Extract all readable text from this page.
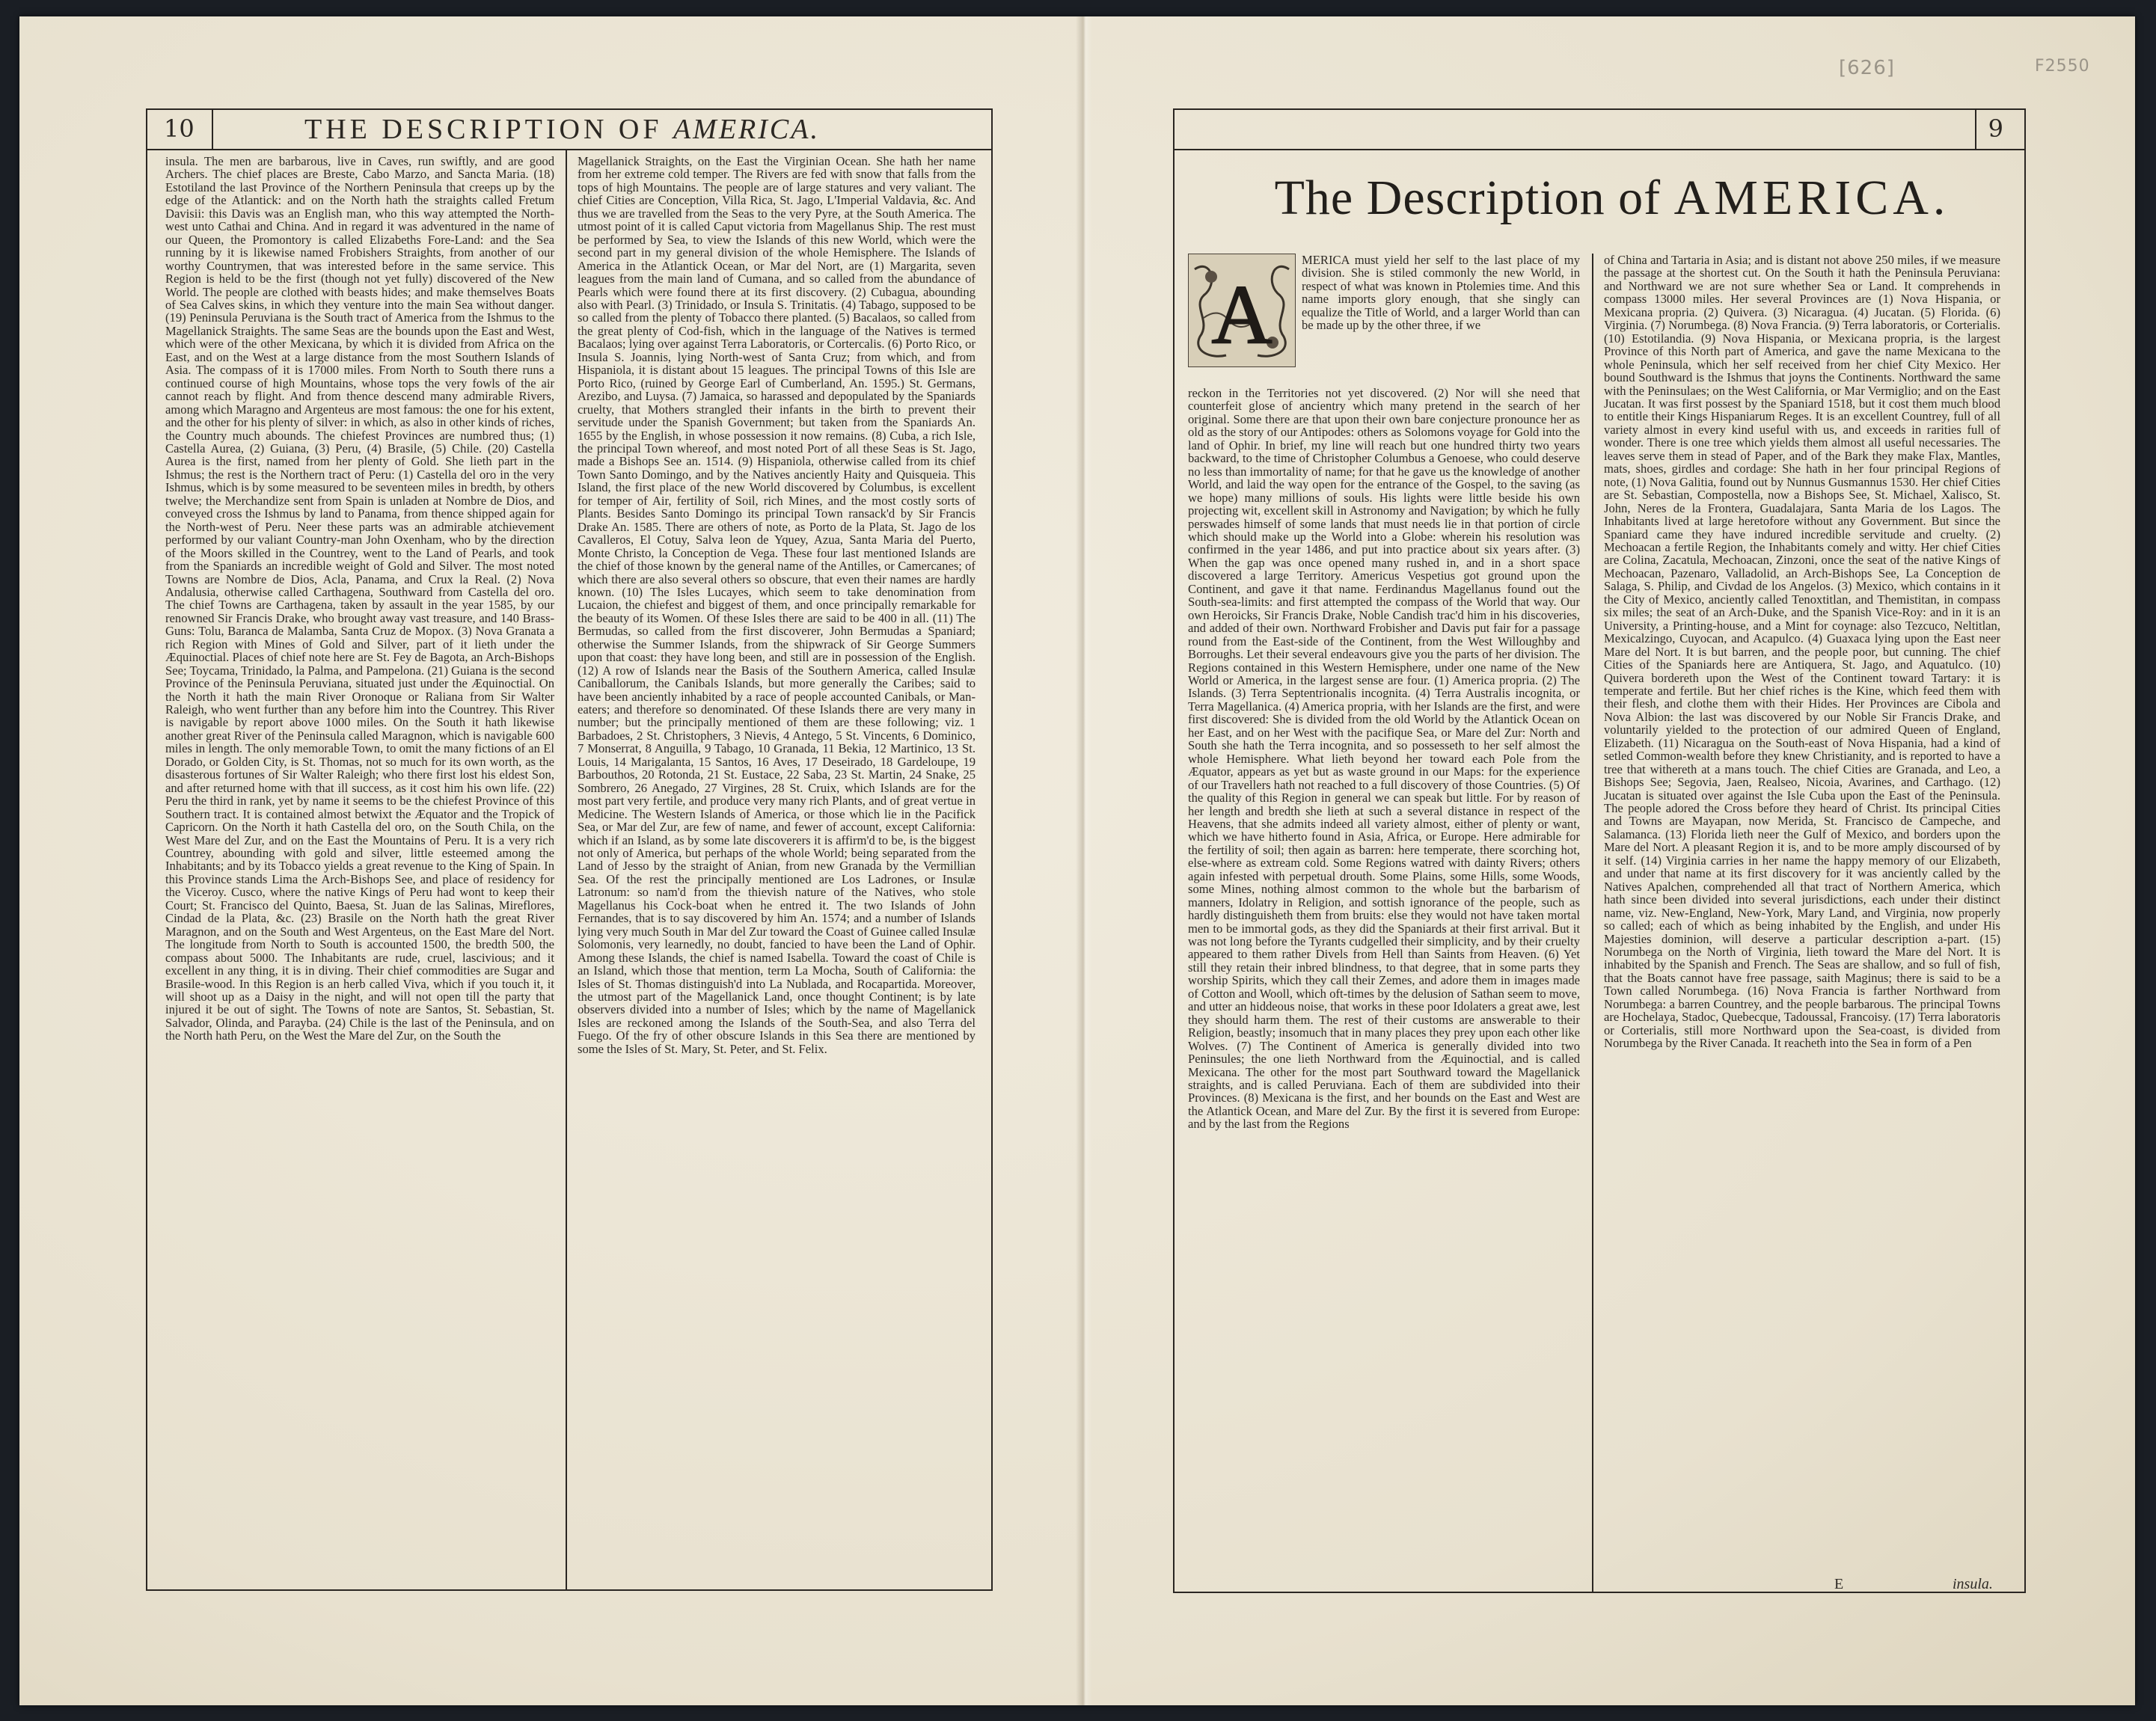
[626]	F2550
10	THE DESCRIPTION OF AMERICA.

insula. The men are barbarous, live in Caves, run swiftly, and are good Archers. The chief places are Breste, Cabo Marzo, and Sancta Maria. (18) Estotiland the last Province of the Northern Peninsula that creeps up by the edge of the Atlantick: and on the North hath the straights called Fretum Davisii: this Davis was an English man, who this way attempted the North-west unto Cathai and China. And in regard it was adventured in the name of our Queen, the Promontory is called Elizabeths Fore-Land: and the Sea running by it is likewise named Frobishers Straights, from another of our worthy Countrymen, that was interested before in the same service. This Region is held to be the first (though not yet fully) discovered of the New World. The people are clothed with beasts hides; and make themselves Boats of Sea Calves skins, in which they venture into the main Sea without danger. (19) Peninsula Peruviana is the South tract of America from the Ishmus to the Magellanick Straights. The same Seas are the bounds upon the East and West, which were of the other Mexicana, by which it is divided from Africa on the East, and on the West at a large distance from the most Southern Islands of Asia. The compass of it is 17000 miles. From North to South there runs a continued course of high Mountains, whose tops the very fowls of the air cannot reach by flight. And from thence descend many admirable Rivers, among which Maragno and Argenteus are most famous: the one for his extent, and the other for his plenty of silver: in which, as also in other kinds of riches, the Country much abounds. The chiefest Provinces are numbred thus; (1) Castella Aurea, (2) Guiana, (3) Peru, (4) Brasile, (5) Chile. (20) Castella Aurea is the first, named from her plenty of Gold. She lieth part in the Ishmus; the rest is the Northern tract of Peru: (1) Castella del oro in the very Ishmus, which is by some measured to be seventeen miles in bredth, by others twelve; the Merchandize sent from Spain is unladen at Nombre de Dios, and conveyed cross the Ishmus by land to Panama, from thence shipped again for the North-west of Peru. Neer these parts was an admirable atchievement performed by our valiant Country-man John Oxenham, who by the direction of the Moors skilled in the Countrey, went to the Land of Pearls, and took from the Spaniards an incredible weight of Gold and Silver. The most noted Towns are Nombre de Dios, Acla, Panama, and Crux la Real. (2) Nova Andalusia, otherwise called Carthagena, Southward from Castella del oro. The chief Towns are Carthagena, taken by assault in the year 1585, by our renowned Sir Francis Drake, who brought away vast treasure, and 140 Brass-Guns: Tolu, Baranca de Malamba, Santa Cruz de Mopox. (3) Nova Granata a rich Region with Mines of Gold and Silver, part of it lieth under the Æquinoctial. Places of chief note here are St. Fey de Bagota, an Arch-Bishops See; Toycama, Trinidado, la Palma, and Pampelona. (21) Guiana is the second Province of the Peninsula Peruviana, situated just under the Æquinoctial. On the North it hath the main River Oronoque or Raliana from Sir Walter Raleigh, who went further than any before him into the Countrey. This River is navigable by report above 1000 miles. On the South it hath likewise another great River of the Peninsula called Maragnon, which is navigable 600 miles in length. The only memorable Town, to omit the many fictions of an El Dorado, or Golden City, is St. Thomas, not so much for its own worth, as the disasterous fortunes of Sir Walter Raleigh; who there first lost his eldest Son, and after returned home with that ill success, as it cost him his own life. (22) Peru the third in rank, yet by name it seems to be the chiefest Province of this Southern tract. It is contained almost betwixt the Æquator and the Tropick of Capricorn. On the North it hath Castella del oro, on the South Chila, on the West Mare del Zur, and on the East the Mountains of Peru. It is a very rich Countrey, abounding with gold and silver, little esteemed among the Inhabitants; and by its Tobacco yields a great revenue to the King of Spain. In this Province stands Lima the Arch-Bishops See, and place of residency for the Viceroy. Cusco, where the native Kings of Peru had wont to keep their Court; St. Francisco del Quinto, Baesa, St. Juan de las Salinas, Mireflores, Cindad de la Plata, &c. (23) Brasile on the North hath the great River Maragnon, and on the South and West Argenteus, on the East Mare del Nort. The longitude from North to South is accounted 1500, the bredth 500, the compass about 5000. The Inhabitants are rude, cruel, lascivious; and it excellent in any thing, it is in diving. Their chief commodities are Sugar and Brasile-wood. In this Region is an herb called Viva, which if you touch it, it will shoot up as a Daisy in the night, and will not open till the party that injured it be out of sight. The Towns of note are Santos, St. Sebastian, St. Salvador, Olinda, and Parayba. (24) Chile is the last of the Peninsula, and on the North hath Peru, on the West the Mare del Zur, on the South the

Magellanick Straights, on the East the Virginian Ocean. She hath her name from her extreme cold temper. The Rivers are fed with snow that falls from the tops of high Mountains. The people are of large statures and very valiant. The chief Cities are Conception, Villa Rica, St. Jago, L'Imperial Valdavia, &c. And thus we are travelled from the Seas to the very Pyre, at the South America. The utmost point of it is called Caput victoria from Magellanus Ship. The rest must be performed by Sea, to view the Islands of this new World, which were the second part in my general division of the whole Hemisphere. The Islands of America in the Atlantick Ocean, or Mar del Nort, are (1) Margarita, seven leagues from the main land of Cumana, and so called from the abundance of Pearls which were found there at its first discovery. (2) Cubagua, abounding also with Pearl. (3) Trinidado, or Insula S. Trinitatis. (4) Tabago, supposed to be so called from the plenty of Tobacco there planted. (5) Bacalaos, so called from the great plenty of Cod-fish, which in the language of the Natives is termed Bacalaos; lying over against Terra Laboratoris, or Cortercalis. (6) Porto Rico, or Insula S. Joannis, lying North-west of Santa Cruz; from which, and from Hispaniola, it is distant about 15 leagues. The principal Towns of this Isle are Porto Rico, (ruined by George Earl of Cumberland, An. 1595.) St. Germans, Arezibo, and Luysa. (7) Jamaica, so harassed and depopulated by the Spaniards cruelty, that Mothers strangled their infants in the birth to prevent their servitude under the Spanish Government; but taken from the Spaniards An. 1655 by the English, in whose possession it now remains. (8) Cuba, a rich Isle, the principal Town whereof, and most noted Port of all these Seas is St. Jago, made a Bishops See an. 1514. (9) Hispaniola, otherwise called from its chief Town Santo Domingo, and by the Natives anciently Haity and Quisqueia. This Island, the first place of the new World discovered by Columbus, is excellent for temper of Air, fertility of Soil, rich Mines, and the most costly sorts of Plants. Besides Santo Domingo its principal Town ransack'd by Sir Francis Drake An. 1585. There are others of note, as Porto de la Plata, St. Jago de los Cavalleros, El Cotuy, Salva leon de Yquey, Azua, Santa Maria del Puerto, Monte Christo, la Conception de Vega. These four last mentioned Islands are the chief of those known by the general name of the Antilles, or Camercanes; of which there are also several others so obscure, that even their names are hardly known. (10) The Isles Lucayes, which seem to take denomination from Lucaion, the chiefest and biggest of them, and once principally remarkable for the beauty of its Women. Of these Isles there are said to be 400 in all. (11) The Bermudas, so called from the first discoverer, John Bermudas a Spaniard; otherwise the Summer Islands, from the shipwrack of Sir George Summers upon that coast: they have long been, and still are in possession of the English. (12) A row of Islands near the Basis of the Southern America, called Insulæ Caniballorum, the Canibals Islands, but more generally the Caribes; said to have been anciently inhabited by a race of people accounted Canibals, or Man-eaters; and therefore so denominated. Of these Islands there are very many in number; but the principally mentioned of them are these following; viz. 1 Barbadoes, 2 St. Christophers, 3 Nievis, 4 Antego, 5 St. Vincents, 6 Dominico, 7 Monserrat, 8 Anguilla, 9 Tabago, 10 Granada, 11 Bekia, 12 Martinico, 13 St. Louis, 14 Marigalanta, 15 Santos, 16 Aves, 17 Deseirado, 18 Gardeloupe, 19 Barbouthos, 20 Rotonda, 21 St. Eustace, 22 Saba, 23 St. Martin, 24 Snake, 25 Sombrero, 26 Anegado, 27 Virgines, 28 St. Cruix, which Islands are for the most part very fertile, and produce very many rich Plants, and of great vertue in Medicine. The Western Islands of America, or those which lie in the Pacifick Sea, or Mar del Zur, are few of name, and fewer of account, except California: which if an Island, as by some late discoverers it is affirm'd to be, is the biggest not only of America, but perhaps of the whole World; being separated from the Land of Jesso by the straight of Anian, from new Granada by the Vermillian Sea. Of the rest the principally mentioned are Los Ladrones, or Insulæ Latronum: so nam'd from the thievish nature of the Natives, who stole Magellanus his Cock-boat when he entred it. The two Islands of John Fernandes, that is to say discovered by him An. 1574; and a number of Islands lying very much South in Mar del Zur toward the Coast of Guinee called Insulæ Solomonis, very learnedly, no doubt, fancied to have been the Land of Ophir. Among these Islands, the chief is named Isabella. Toward the coast of Chile is an Island, which those that mention, term La Mocha, South of California: the Isles of St. Thomas distinguish'd into La Nublada, and Rocapartida. Moreover, the utmost part of the Magellanick Land, once thought Continent; is by late observers divided into a number of Isles; which by the name of Magellanick Isles are reckoned among the Islands of the South-Sea, and also Terra del Fuego. Of the fry of other obscure Islands in this Sea there are mentioned by some the Isles of St. Mary, St. Peter, and St. Felix.

9
The Description of AMERICA.
A

MERICA must yield her self to the last place of my division. She is stiled commonly the new World, in respect of what was known in Ptolemies time. And this name imports glory enough, that she singly can equalize the Title of World, and a larger World than can be made up by the other three, if we

reckon in the Territories not yet discovered. (2) Nor will she need that counterfeit glose of ancientry which many pretend in the search of her original. Some there are that upon their own bare conjecture pronounce her as old as the story of our Antipodes: others as Solomons voyage for Gold into the land of Ophir. In brief, my line will reach but one hundred thirty two years backward, to the time of Christopher Columbus a Genoese, who could deserve no less than immortality of name; for that he gave us the knowledge of another World, and laid the way open for the entrance of the Gospel, to the saving (as we hope) many millions of souls. His lights were little beside his own projecting wit, excellent skill in Astronomy and Navigation; by which he fully perswades himself of some lands that must needs lie in that portion of circle which should make up the World into a Globe: wherein his resolution was confirmed in the year 1486, and put into practice about six years after. (3) When the gap was once opened many rushed in, and in a short space discovered a large Territory. Americus Vespetius got ground upon the Continent, and gave it that name. Ferdinandus Magellanus found out the South-sea-limits: and first attempted the compass of the World that way. Our own Heroicks, Sir Francis Drake, Noble Candish trac'd him in his discoveries, and added of their own. Northward Frobisher and Davis put fair for a passage round from the East-side of the Continent, from the West Willoughby and Borroughs. Let their several endeavours give you the parts of her division. The Regions contained in this Western Hemisphere, under one name of the New World or America, in the largest sense are four. (1) America propria. (2) The Islands. (3) Terra Septentrionalis incognita. (4) Terra Australis incognita, or Terra Magellanica. (4) America propria, with her Islands are the first, and were first discovered: She is divided from the old World by the Atlantick Ocean on her East, and on her West with the pacifique Sea, or Mare del Zur: North and South she hath the Terra incognita, and so possesseth to her self almost the whole Hemisphere. What lieth beyond her toward each Pole from the Æquator, appears as yet but as waste ground in our Maps: for the experience of our Travellers hath not reached to a full discovery of those Countries. (5) Of the quality of this Region in general we can speak but little. For by reason of her length and bredth she lieth at such a several distance in respect of the Heavens, that she admits indeed all variety almost, either of plenty or want, which we have hitherto found in Asia, Africa, or Europe. Here admirable for the fertility of soil; then again as barren: here temperate, there scorching hot, else-where as extream cold. Some Regions watred with dainty Rivers; others again infested with perpetual drouth. Some Plains, some Hills, some Woods, some Mines, nothing almost common to the whole but the barbarism of manners, Idolatry in Religion, and sottish ignorance of the people, such as hardly distinguisheth them from bruits: else they would not have taken mortal men to be immortal gods, as they did the Spaniards at their first arrival. But it was not long before the Tyrants cudgelled their simplicity, and by their cruelty appeared to them rather Divels from Hell than Saints from Heaven. (6) Yet still they retain their inbred blindness, to that degree, that in some parts they worship Spirits, which they call their Zemes, and adore them in images made of Cotton and Wooll, which oft-times by the delusion of Sathan seem to move, and utter an hiddeous noise, that works in these poor Idolaters a great awe, lest they should harm them. The rest of their customs are answerable to their Religion, beastly; insomuch that in many places they prey upon each other like Wolves. (7) The Continent of America is generally divided into two Peninsules; the one lieth Northward from the Æquinoctial, and is called Mexicana. The other for the most part Southward toward the Magellanick straights, and is called Peruviana. Each of them are subdivided into their Provinces. (8) Mexicana is the first, and her bounds on the East and West are the Atlantick Ocean, and Mare del Zur. By the first it is severed from Europe: and by the last from the Regions

of China and Tartaria in Asia; and is distant not above 250 miles, if we measure the passage at the shortest cut. On the South it hath the Peninsula Peruviana: and Northward we are not sure whether Sea or Land. It comprehends in compass 13000 miles. Her several Provinces are (1) Nova Hispania, or Mexicana propria. (2) Quivera. (3) Nicaragua. (4) Jucatan. (5) Florida. (6) Virginia. (7) Norumbega. (8) Nova Francia. (9) Terra laboratoris, or Corterialis. (10) Estotilandia. (9) Nova Hispania, or Mexicana propria, is the largest Province of this North part of America, and gave the name Mexicana to the whole Peninsula, which her self received from her chief City Mexico. Her bound Southward is the Ishmus that joyns the Continents. Northward the same with the Peninsulaes; on the West California, or Mar Vermiglio; and on the East Jucatan. It was first possest by the Spaniard 1518, but it cost them much blood to entitle their Kings Hispaniarum Reges. It is an excellent Countrey, full of all variety almost in every kind useful with us, and exceeds in rarities full of wonder. There is one tree which yields them almost all useful necessaries. The leaves serve them in stead of Paper, and of the Bark they make Flax, Mantles, mats, shoes, girdles and cordage: She hath in her four principal Regions of note, (1) Nova Galitia, found out by Nunnus Gusmannus 1530. Her chief Cities are St. Sebastian, Compostella, now a Bishops See, St. Michael, Xalisco, St. John, Neres de la Frontera, Guadalajara, Santa Maria de los Lagos. The Inhabitants lived at large heretofore without any Government. But since the Spaniard came they have indured incredible servitude and cruelty. (2) Mechoacan a fertile Region, the Inhabitants comely and witty. Her chief Cities are Colina, Zacatula, Mechoacan, Zinzoni, once the seat of the native Kings of Mechoacan, Pazenaro, Valladolid, an Arch-Bishops See, La Conception de Salaga, S. Philip, and Civdad de los Angelos. (3) Mexico, which contains in it the City of Mexico, anciently called Tenoxtitlan, and Themistitan, in compass six miles; the seat of an Arch-Duke, and the Spanish Vice-Roy: and in it is an University, a Printing-house, and a Mint for coynage: also Tezcuco, Neltitlan, Mexicalzingo, Cuyocan, and Acapulco. (4) Guaxaca lying upon the East neer Mare del Nort. It is but barren, and the people poor, but cunning. The chief Cities of the Spaniards here are Antiquera, St. Jago, and Aquatulco. (10) Quivera bordereth upon the West of the Continent toward Tartary: it is temperate and fertile. But her chief riches is the Kine, which feed them with their flesh, and clothe them with their Hides. Her Provinces are Cibola and Nova Albion: the last was discovered by our Noble Sir Francis Drake, and voluntarily yielded to the protection of our admired Queen of England, Elizabeth. (11) Nicaragua on the South-east of Nova Hispania, had a kind of setled Common-wealth before they knew Christianity, and is reported to have a tree that withereth at a mans touch. The chief Cities are Granada, and Leo, a Bishops See; Segovia, Jaen, Realseo, Nicoia, Avarines, and Carthago. (12) Jucatan is situated over against the Isle Cuba upon the East of the Peninsula. The people adored the Cross before they heard of Christ. Its principal Cities and Towns are Mayapan, now Merida, St. Francisco de Campeche, and Salamanca. (13) Florida lieth neer the Gulf of Mexico, and borders upon the Mare del Nort. A pleasant Region it is, and to be more amply discoursed of by it self. (14) Virginia carries in her name the happy memory of our Elizabeth, and under that name at its first discovery for it was anciently called by the Natives Apalchen, comprehended all that tract of Northern America, which hath since been divided into several jurisdictions, each under their distinct name, viz. New-England, New-York, Mary Land, and Virginia, now properly so called; each of which as being inhabited by the English, and under His Majesties dominion, will deserve a particular description a-part. (15) Norumbega on the North of Virginia, lieth toward the Mare del Nort. It is inhabited by the Spanish and French. The Seas are shallow, and so full of fish, that the Boats cannot have free passage, saith Maginus; there is said to be a Town called Norumbega. (16) Nova Francia is farther Northward from Norumbega: a barren Countrey, and the people barbarous. The principal Towns are Hochelaya, Stadoc, Quebecque, Tadoussal, Francoisy. (17) Terra laboratoris or Corterialis, still more Northward upon the Sea-coast, is divided from Norumbega by the River Canada. It reacheth into the Sea in form of a Pen

E	insula.
